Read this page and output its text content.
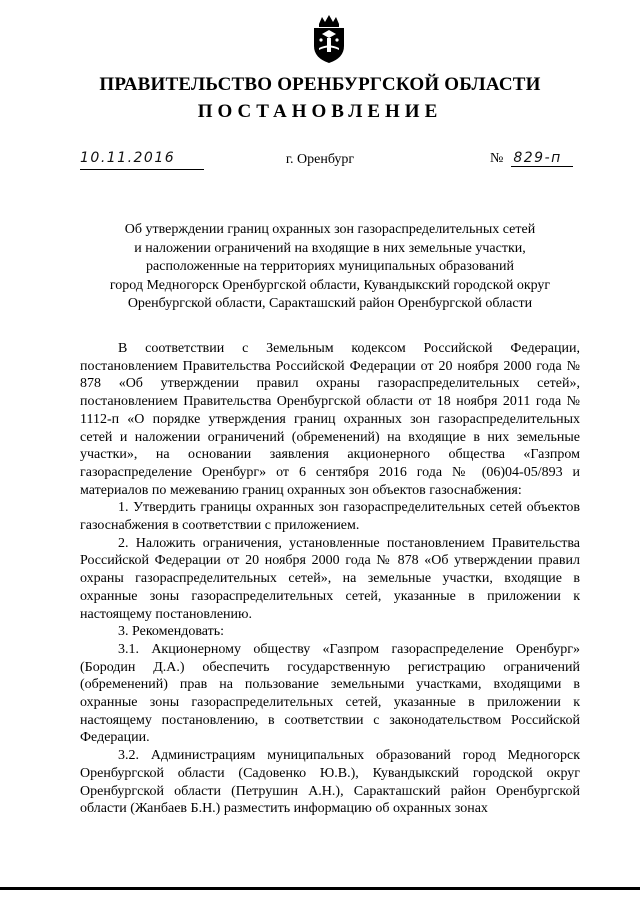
ПРАВИТЕЛЬСТВО ОРЕНБУРГСКОЙ ОБЛАСТИ
ПОСТАНОВЛЕНИЕ
10.11.2016	г. Оренбург	№ 829-п
Об утверждении границ охранных зон газораспределительных сетей
и наложении ограничений на входящие в них земельные участки,
расположенные на территориях муниципальных образований
город Медногорск Оренбургской области, Кувандыкский городской округ
Оренбургской области, Саракташский район Оренбургской области

В соответствии с Земельным кодексом Российской Федерации, постановлением Правительства Российской Федерации от 20 ноября 2000 года № 878 «Об утверждении правил охраны газораспределительных сетей», постановлением Правительства Оренбургской области от 18 ноября 2011 года № 1112-п «О порядке утверждения границ охранных зон газораспределительных сетей и наложении ограничений (обременений) на входящие в них земельные участки», на основании заявления акционерного общества «Газпром газораспределение Оренбург» от 6 сентября 2016 года № (06)04-05/893 и материалов по межеванию границ охранных зон объектов газоснабжения:

1. Утвердить границы охранных зон газораспределительных сетей объектов газоснабжения в соответствии с приложением.

2. Наложить ограничения, установленные постановлением Правительства Российской Федерации от 20 ноября 2000 года № 878 «Об утверждении правил охраны газораспределительных сетей», на земельные участки, входящие в охранные зоны газораспределительных сетей, указанные в приложении к настоящему постановлению.

3. Рекомендовать:

3.1. Акционерному обществу «Газпром газораспределение Оренбург» (Бородин Д.А.) обеспечить государственную регистрацию ограничений (обременений) прав на пользование земельными участками, входящими в охранные зоны газораспределительных сетей, указанные в приложении к настоящему постановлению, в соответствии с законодательством Российской Федерации.

3.2. Администрациям муниципальных образований город Медногорск Оренбургской области (Садовенко Ю.В.), Кувандыкский городской округ Оренбургской области (Петрушин А.Н.), Саракташский район Оренбургской области (Жанбаев Б.Н.) разместить информацию об охранных зонах
